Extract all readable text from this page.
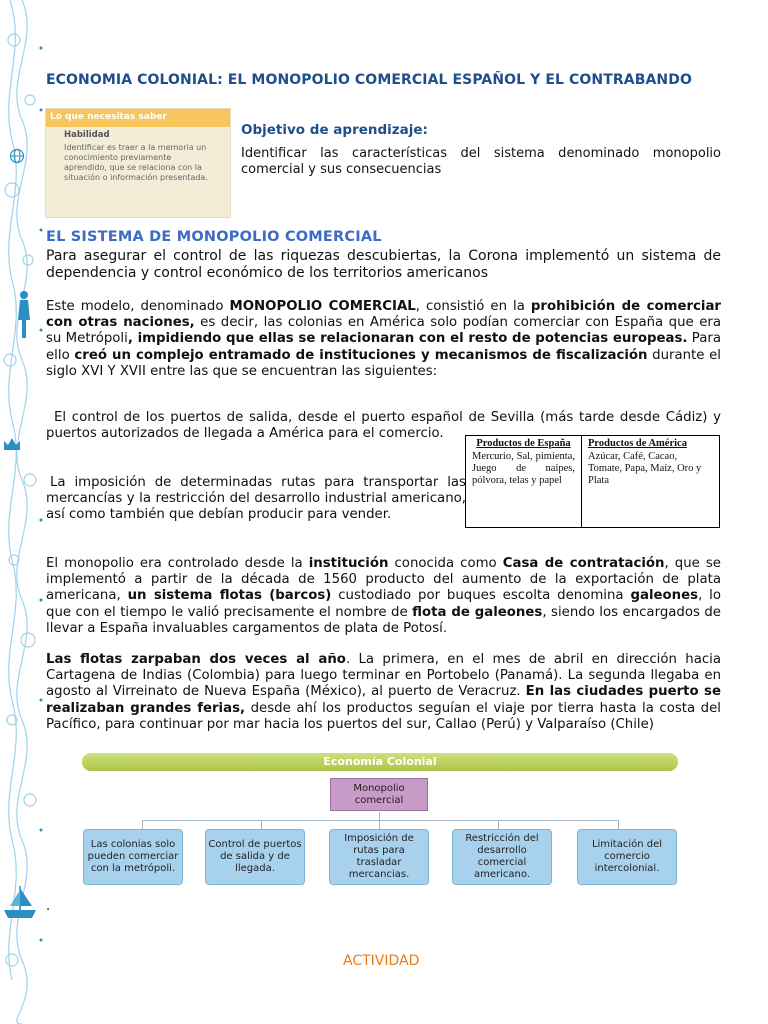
ECONOMIA COLONIAL: EL MONOPOLIO COMERCIAL ESPAÑOL Y EL CONTRABANDO
Lo que necesitas saber
Habilidad
Identificar es traer a la memoria un conocimiento previamente aprendido, que se relaciona con la situación o información presentada.
Objetivo de aprendizaje:
Identificar las características del sistema denominado monopolio comercial y sus consecuencias
EL SISTEMA DE MONOPOLIO COMERCIAL
Para asegurar el control de las riquezas descubiertas, la Corona implementó un sistema de dependencia y control económico de los territorios americanos
Este modelo, denominado MONOPOLIO COMERCIAL, consistió en la prohibición de comerciar con otras naciones, es decir, las colonias en América solo podían comerciar con España que era su Metrópoli, impidiendo que ellas se relacionaran con el resto de potencias europeas. Para ello creó un complejo entramado de instituciones y mecanismos de fiscalización durante el siglo XVI Y XVII entre las que se encuentran las siguientes:
El control de los puertos de salida, desde el puerto español de Sevilla (más tarde desde Cádiz) y puertos autorizados de llegada a América para el comercio.
La imposición de determinadas rutas para transportar las mercancías y la restricción del desarrollo industrial americano, así como también que debían producir para vender.
Productos de España
Mercurio, Sal, pimienta, Juego de naipes, pólvora, telas y papel
Productos de América
Azúcar, Café, Cacao, Tomate, Papa, Maíz, Oro y Plata
El monopolio era controlado desde la institución conocida como Casa de contratación, que se implementó a partir de la década de 1560 producto del aumento de la exportación de plata americana, un sistema flotas (barcos) custodiado por buques escolta denomina galeones, lo que con el tiempo le valió precisamente el nombre de flota de galeones, siendo los encargados de llevar a España invaluables cargamentos de plata de Potosí.
Las flotas zarpaban dos veces al año. La primera, en el mes de abril en dirección hacia Cartagena de Indias (Colombia) para luego terminar en Portobelo (Panamá). La segunda llegaba en agosto al Virreinato de Nueva España (México), al puerto de Veracruz. En las ciudades puerto se realizaban grandes ferias, desde ahí los productos seguían el viaje por tierra hasta la costa del Pacífico, para continuar por mar hacia los puertos del sur, Callao (Perú) y Valparaíso (Chile)
Economía Colonial
Monopolio comercial
Las colonias solo pueden comerciar con la metrópoli.
Control de puertos de salida y de llegada.
Imposición de rutas para trasladar mercancias.
Restricción del desarrollo comercial americano.
Limitación del comercio intercolonial.
.
ACTIVIDAD
